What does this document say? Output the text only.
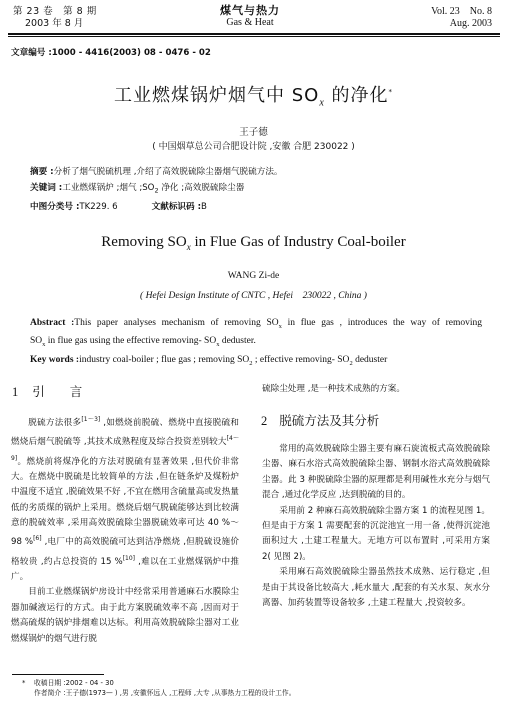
第 23 卷　第 8 期
2003 年 8 月
煤气与热力
Gas & Heat
Vol. 23　No. 8
Aug. 2003
文章编号 :1000 - 4416(2003) 08 - 0476 - 02
工业燃煤锅炉烟气中 $SO_x$ 的净化*
王子德
( 中国烟草总公司合肥设计院 ,安徽 合肥 230022 )
摘要 :分析了烟气脱硫机理 ,介绍了高效脱硫除尘器烟气脱硫方法。
关键词 :工业燃煤锅炉 ;烟气 $;SO_2$ 净化 ;高效脱硫除尘器
中图分类号 :TK229. 6	文献标识码 :B
Removing $SO_x$ in Flue Gas of Industry Coal-boiler
WANG Zi-de
( Hefei Design Institute of CNTC , Hefei　230022 , China )
Abstract :This paper analyses mechanism of removing $SO_x$ in flue gas , introduces the way of removing
$SO_x$ in flue gas using the effective removing- $SO_x$ deduster.
Key words :industry coal-boiler ; flue gas ; removing $SO_2$ ; effective removing- $SO_2$ deduster
1 引　　言

脱硫方法很多[1～3] ,如燃烧前脱硫、燃烧中直接脱硫和燃烧后烟气脱硫等 ,其技术成熟程度及综合投资差别较大[4～9]。燃烧前将煤净化的方法对脱硫有显著效果 ,但代价非常大。在燃烧中脱硫是比较简单的方法 ,但在链条炉及煤粉炉中温度不适宜 ,脱硫效果不好 ,不宜在燃用含硫量高或发热量低的劣质煤的锅炉上采用。燃烧后烟气脱硫能够达到比较满意的脱硫效率 ,采用高效脱硫除尘器脱硫效率可达 40 %～98 %[6] ,电厂中的高效脱硫可达到洁净燃烧 ,但脱硫设施价格较贵 ,约占总投资的 15 %[10] ,难以在工业燃煤锅炉中推广。

目前工业燃煤锅炉房设计中经常采用普通麻石水膜除尘器加碱液运行的方式。由于此方案脱硫效率不高 ,因而对于燃高硫煤的锅炉排烟难以达标。利用高效脱硫除尘器对工业燃煤锅炉的烟气进行脱

硫除尘处理 ,是一种技术成熟的方案。
2 脱硫方法及其分析

常用的高效脱硫除尘器主要有麻石旋流板式高效脱硫除尘器、麻石水浴式高效脱硫除尘器、钢制水浴式高效脱硫除尘器。此 3 种脱硫除尘器的原理都是利用碱性水充分与烟气混合 ,通过化学反应 ,达到脱硫的目的。

采用前 2 种麻石高效脱硫除尘器方案 1 的流程见图 1。但是由于方案 1 需要配套的沉淀池宜一用一备 ,使得沉淀池面积过大 ,土建工程量大。无地方可以布置时 ,可采用方案 2( 见图 2)。

采用麻石高效脱硫除尘器虽然技术成熟、运行稳定 ,但是由于其设备比较高大 ,耗水量大 ,配套的有关水泵、灰水分离器、加药装置等设备较多 ,土建工程量大 ,投资较多。

* 收稿日期 :2002 - 04 - 30
作者简介 :王子德(1973— ) ,男 ,安徽怀远人 ,工程师 ,大专 ,从事热力工程的设计工作。
